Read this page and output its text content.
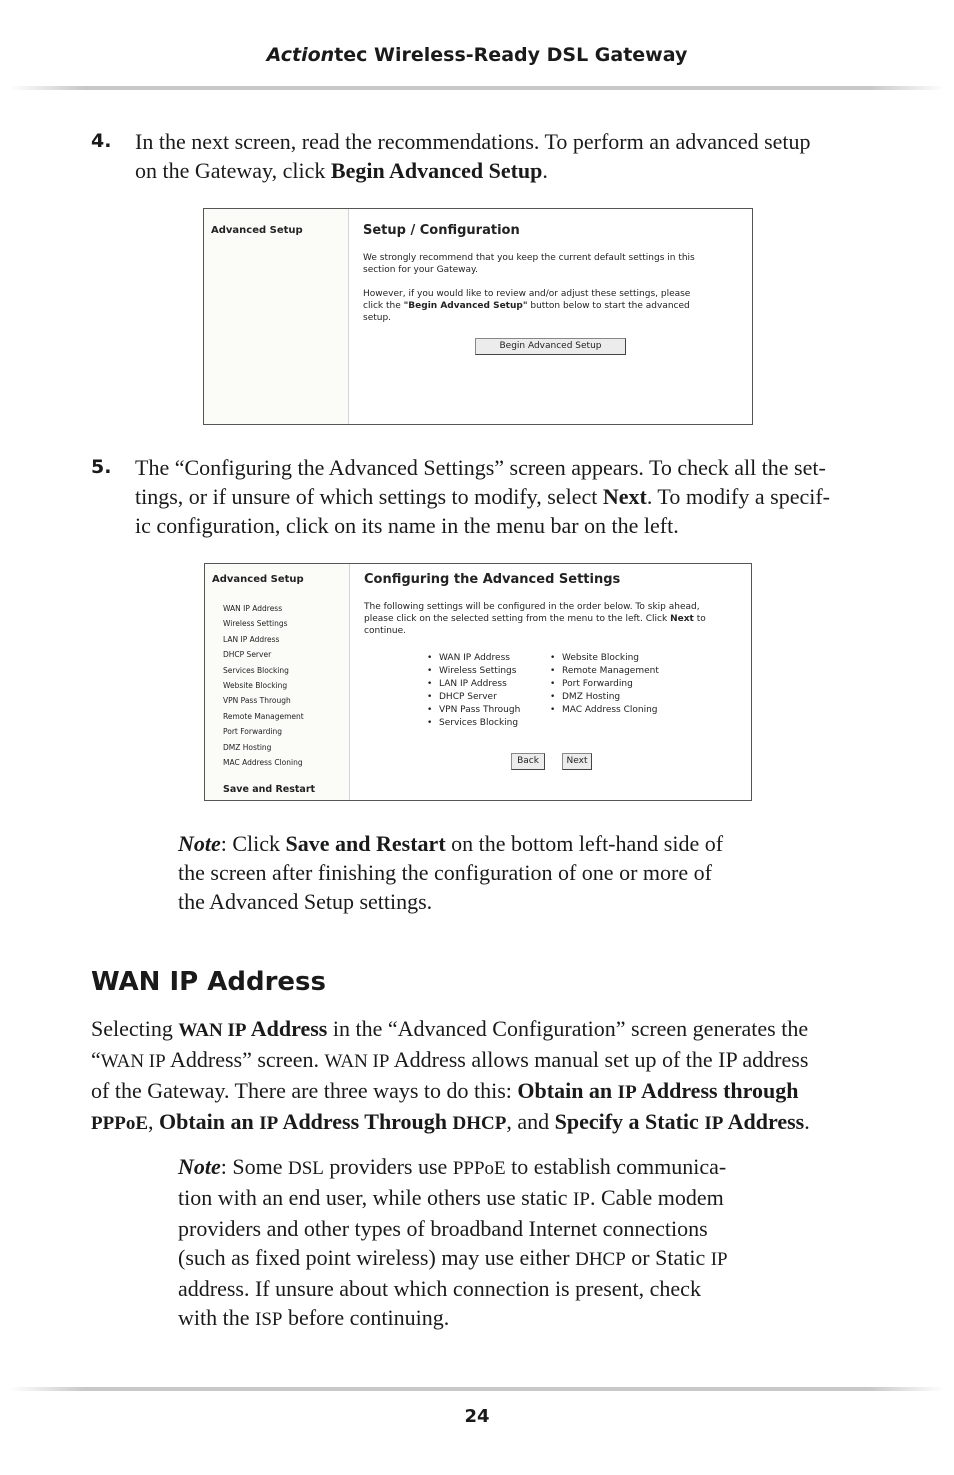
Actiontec Wireless-Ready DSL Gateway
4. In the next screen, read the recommendations. To perform an advanced setup
on the Gateway, click Begin Advanced Setup.
Advanced Setup	Setup / Configuration
We strongly recommend that you keep the current default settings in this
section for your Gateway.
However, if you would like to review and/or adjust these settings, please
click the "Begin Advanced Setup" button below to start the advanced
setup.
Begin Advanced Setup
5. The “Configuring the Advanced Settings” screen appears. To check all the set-
tings, or if unsure of which settings to modify, select Next. To modify a specif-
ic configuration, click on its name in the menu bar on the left.
Advanced Setup
WAN IP Address
Wireless Settings
LAN IP Address
DHCP Server
Services Blocking
Website Blocking
VPN Pass Through
Remote Management
Port Forwarding
DMZ Hosting
MAC Address Cloning
Save and Restart
Configuring the Advanced Settings
The following settings will be configured in the order below. To skip ahead,
please click on the selected setting from the menu to the left. Click Next to
continue.
• WAN IP Address
• Wireless Settings
• LAN IP Address
• DHCP Server
• VPN Pass Through
• Services Blocking
• Website Blocking
• Remote Management
• Port Forwarding
• DMZ Hosting
• MAC Address Cloning
Back	Next
Note: Click Save and Restart on the bottom left-hand side of
the screen after finishing the configuration of one or more of
the Advanced Setup settings.
WAN IP Address
Selecting WAN IP Address in the “Advanced Configuration” screen generates the
“WAN IP Address” screen. WAN IP Address allows manual set up of the IP address
of the Gateway. There are three ways to do this: Obtain an IP Address through
PPPoE, Obtain an IP Address Through DHCP, and Specify a Static IP Address.
Note: Some DSL providers use PPPoE to establish communica-
tion with an end user, while others use static IP. Cable modem
providers and other types of broadband Internet connections
(such as fixed point wireless) may use either DHCP or Static IP
address. If unsure about which connection is present, check
with the ISP before continuing.
24
